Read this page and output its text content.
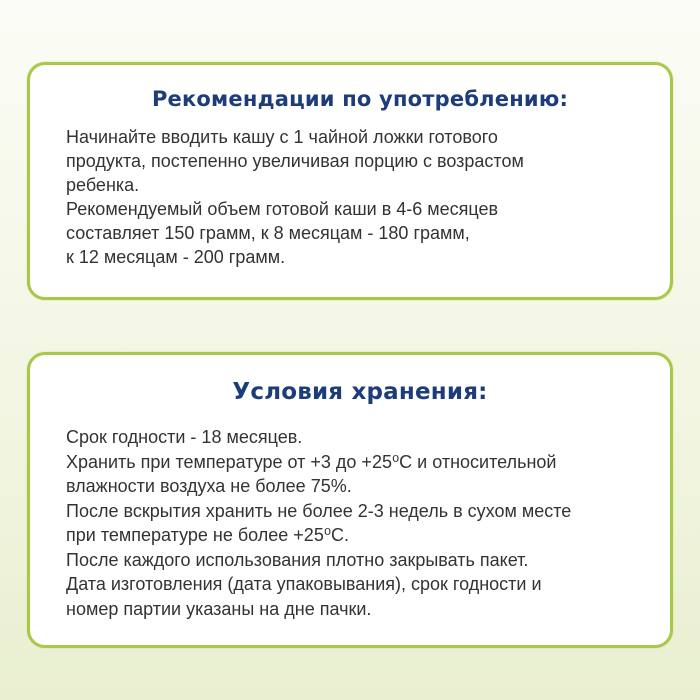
Рекомендации по употреблению:
Начинайте вводить кашу с 1 чайной ложки готового
продукта, постепенно увеличивая порцию с возрастом
ребенка.
Рекомендуемый объем готовой каши в 4-6 месяцев
составляет 150 грамм, к 8 месяцам - 180 грамм,
к 12 месяцам - 200 грамм.
Условия хранения:
Срок годности - 18 месяцев.
Хранить при температуре от +3 до +25⁰С и относительной
влажности воздуха не более 75%.
После вскрытия хранить не более 2-3 недель в сухом месте
при температуре не более +25⁰С.
После каждого использования плотно закрывать пакет.
Дата изготовления (дата упаковывания), срок годности и
номер партии указаны на дне пачки.
